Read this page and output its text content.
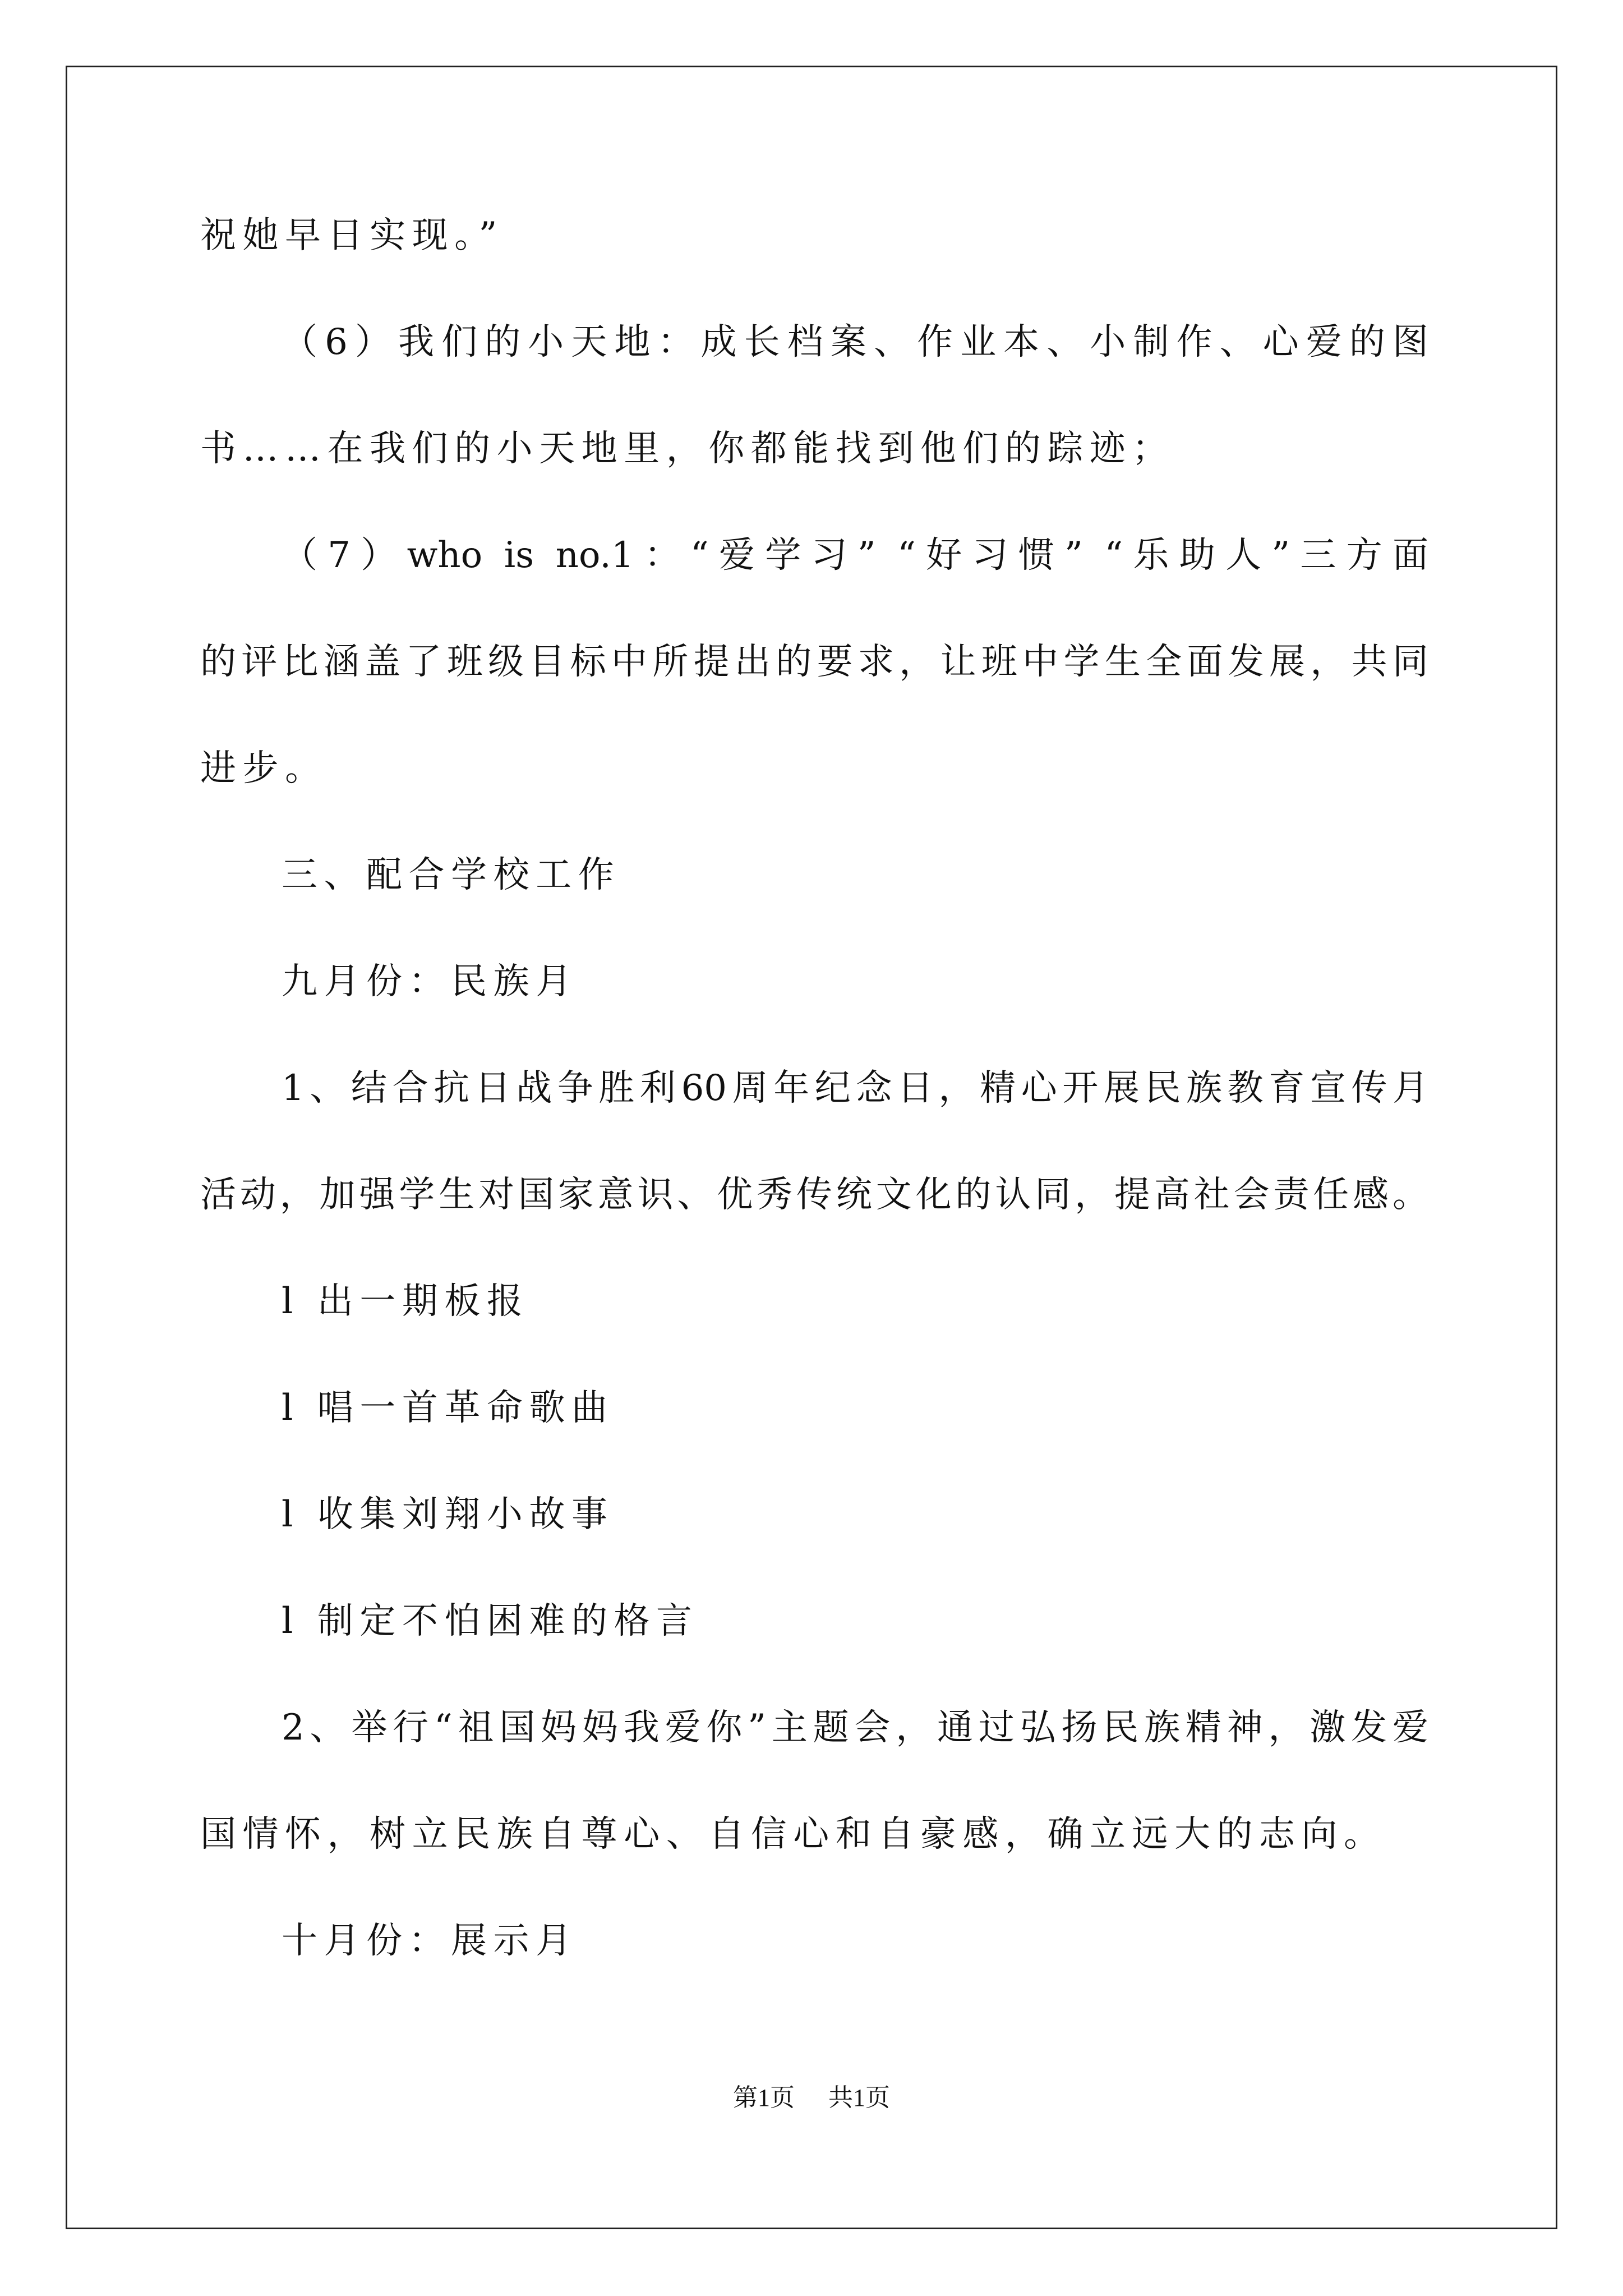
祝她早日实现。”
（6）我们的小天地：成长档案、作业本、小制作、心爱的图
书……在我们的小天地里，你都能找到他们的踪迹；
（7）who is no.1：“爱学习” “好习惯” “乐助人”三方面
的评比涵盖了班级目标中所提出的要求，让班中学生全面发展，共同
进步。
三、配合学校工作
九月份：民族月
1、结合抗日战争胜利60周年纪念日，精心开展民族教育宣传月
活动，加强学生对国家意识、优秀传统文化的认同，提高社会责任感。
l 出一期板报
l 唱一首革命歌曲
l 收集刘翔小故事
l 制定不怕困难的格言
2、举行“祖国妈妈我爱你”主题会，通过弘扬民族精神，激发爱
国情怀，树立民族自尊心、自信心和自豪感，确立远大的志向。
十月份：展示月
第1页 共1页
